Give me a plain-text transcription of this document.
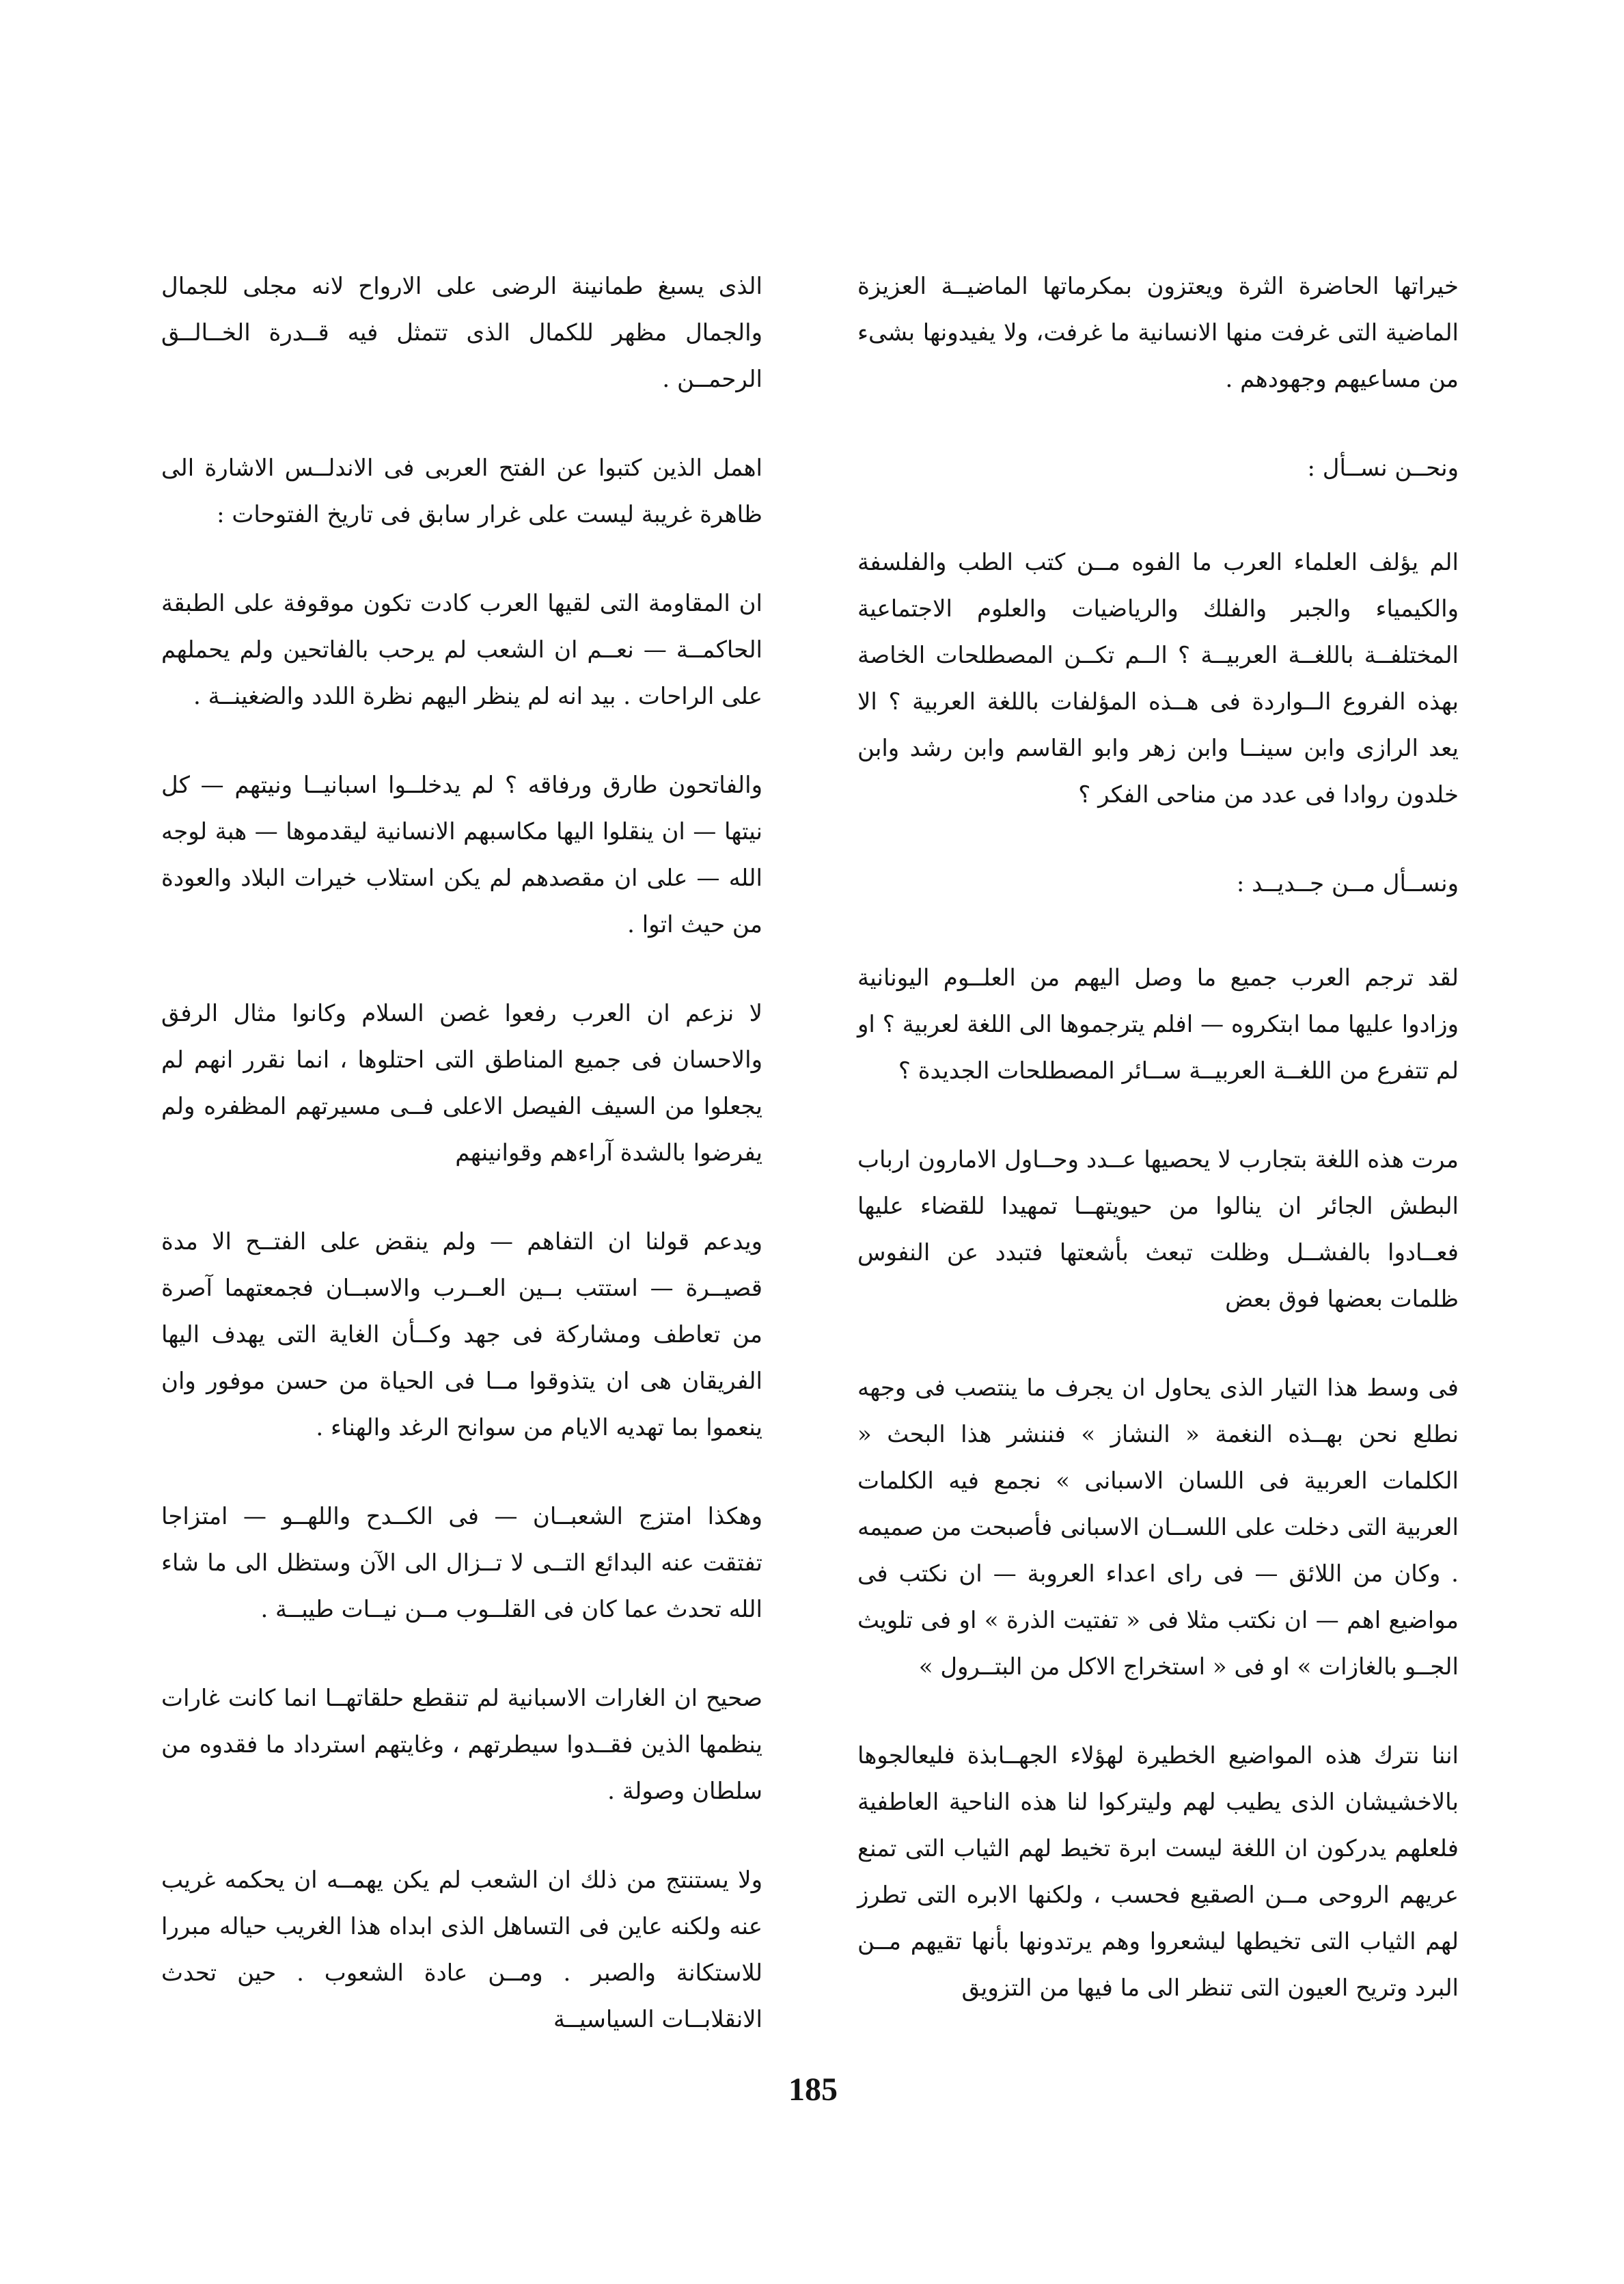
خيراتها الحاضرة الثرة ويعتزون بمكرماتها الماضيــة العزيزة الماضية التى غرفت منها الانسانية ما غرفت، ولا يفيدونها بشىء من مساعيهم وجهودهم .

ونحــن نســأل :

الم يؤلف العلماء العرب ما الفوه مــن كتب الطب والفلسفة والكيمياء والجبر والفلك والرياضيات والعلوم الاجتماعية المختلفــة باللغــة العربيــة ؟ الــم تكــن المصطلحات الخاصة بهذه الفروع الــواردة فى هــذه المؤلفات باللغة العربية ؟ الا يعد الرازى وابن سينــا وابن زهر وابو القاسم وابن رشد وابن خلدون روادا فى عدد من مناحى الفكر ؟

ونســأل مــن جــديــد :

لقد ترجم العرب جميع ما وصل اليهم من العلــوم اليونانية وزادوا عليها مما ابتكروه — افلم يترجموها الى اللغة لعربية ؟ او لم تتفرع من اللغــة العربيــة ســائر المصطلحات الجديدة ؟

مرت هذه اللغة بتجارب لا يحصيها عــدد وحــاول الامارون ارباب البطش الجائر ان ينالوا من حيويتهــا تمهيدا للقضاء عليها فعــادوا بالفشــل وظلت تبعث بأشعتها فتبدد عن النفوس ظلمات بعضها فوق بعض

فى وسط هذا التيار الذى يحاول ان يجرف ما ينتصب فى وجهه نطلع نحن بهــذه النغمة « النشاز » فننشر هذا البحث « الكلمات العربية فى اللسان الاسبانى » نجمع فيه الكلمات العربية التى دخلت على اللســان الاسبانى فأصبحت من صميمه . وكان من اللائق — فى راى اعداء العروبة — ان نكتب فى مواضيع اهم — ان نكتب مثلا فى « تفتيت الذرة » او فى تلويث الجــو بالغازات » او فى « استخراج الاكل من البتــرول »

اننا نترك هذه المواضيع الخطيرة لهؤلاء الجهــابذة فليعالجوها بالاخشيشان الذى يطيب لهم وليتركوا لنا هذه الناحية العاطفية فلعلهم يدركون ان اللغة ليست ابرة تخيط لهم الثياب التى تمنع عريهم الروحى مــن الصقيع فحسب ، ولكنها الابره التى تطرز لهم الثياب التى تخيطها ليشعروا وهم يرتدونها بأنها تقيهم مــن البرد وتريح العيون التى تنظر الى ما فيها من التزويق

الذى يسبغ طمانينة الرضى على الارواح لانه مجلى للجمال والجمال مظهر للكمال الذى تتمثل فيه قــدرة الخــالــق الرحمــن .

اهمل الذين كتبوا عن الفتح العربى فى الاندلــس الاشارة الى ظاهرة غريبة ليست على غرار سابق فى تاريخ الفتوحات :

ان المقاومة التى لقيها العرب كادت تكون موقوفة على الطبقة الحاكمــة — نعــم ان الشعب لم يرحب بالفاتحين ولم يحملهم على الراحات . بيد انه لم ينظر اليهم نظرة اللدد والضغينــة .

والفاتحون طارق ورفاقه ؟ لم يدخلــوا اسبانيــا ونيتهم — كل نيتها — ان ينقلوا اليها مكاسبهم الانسانية ليقدموها — هبة لوجه الله — على ان مقصدهم لم يكن استلاب خيرات البلاد والعودة من حيث اتوا .

لا نزعم ان العرب رفعوا غصن السلام وكانوا مثال الرفق والاحسان فى جميع المناطق التى احتلوها ، انما نقرر انهم لم يجعلوا من السيف الفيصل الاعلى فــى مسيرتهم المظفره ولم يفرضوا بالشدة آراءهم وقوانينهم

ويدعم قولنا ان التفاهم — ولم ينقض على الفتــح الا مدة قصيــرة — استتب بــين العــرب والاسبــان فجمعتهما آصرة من تعاطف ومشاركة فى جهد وكــأن الغاية التى يهدف اليها الفريقان هى ان يتذوقوا مــا فى الحياة من حسن موفور وان ينعموا بما تهديه الايام من سوانح الرغد والهناء .

وهكذا امتزج الشعبــان — فى الكــدح واللهــو — امتزاجا تفتقت عنه البدائع التــى لا تــزال الى الآن وستظل الى ما شاء الله تحدث عما كان فى القلــوب مــن نيــات طيبــة .

صحيح ان الغارات الاسبانية لم تنقطع حلقاتهــا انما كانت غارات ينظمها الذين فقــدوا سيطرتهم ، وغايتهم استرداد ما فقدوه من سلطان وصولة .

ولا يستنتج من ذلك ان الشعب لم يكن يهمــه ان يحكمه غريب عنه ولكنه عاين فى التساهل الذى ابداه هذا الغريب حياله مبررا للاستكانة والصبر . ومــن عادة الشعوب . حين تحدث الانقلابــات السياسيــة

185
